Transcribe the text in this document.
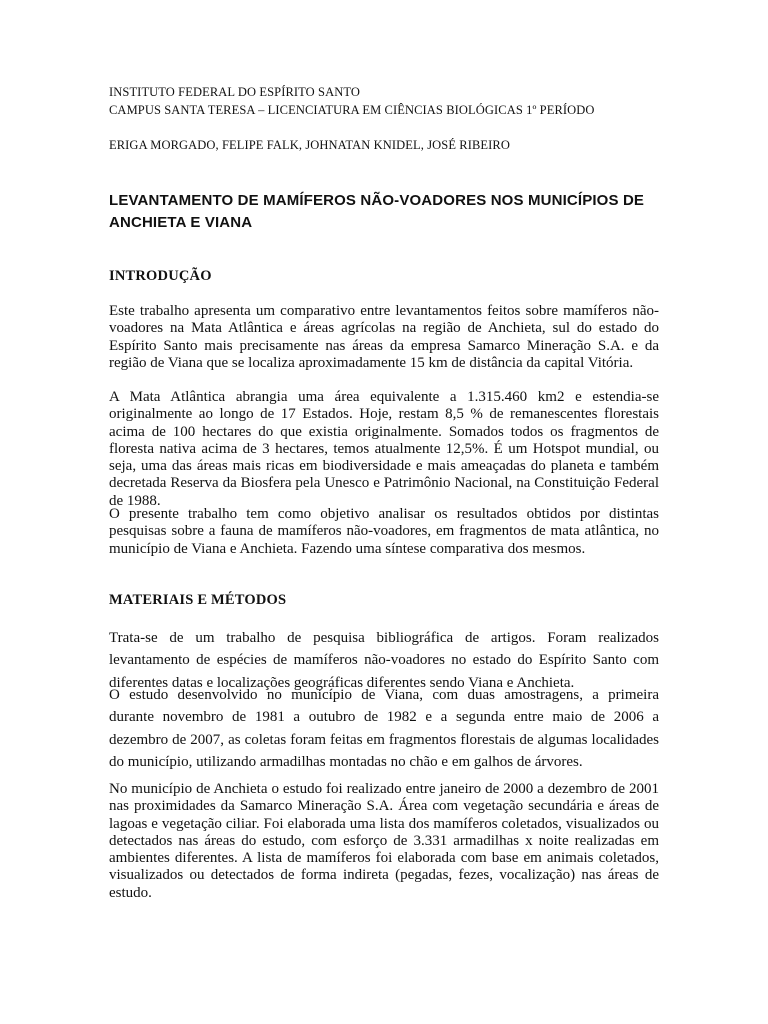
INSTITUTO FEDERAL DO ESPÍRITO SANTO
CAMPUS SANTA TERESA – LICENCIATURA EM CIÊNCIAS BIOLÓGICAS 1º PERÍODO
ERIGA MORGADO, FELIPE FALK, JOHNATAN KNIDEL, JOSÉ RIBEIRO
LEVANTAMENTO DE MAMÍFEROS NÃO-VOADORES NOS MUNICÍPIOS DE
ANCHIETA E VIANA
INTRODUÇÃO
Este trabalho apresenta um comparativo entre levantamentos feitos sobre mamíferos não-voadores na Mata Atlântica e áreas agrícolas na região de Anchieta, sul do estado do Espírito Santo mais precisamente nas áreas da empresa Samarco Mineração S.A. e da região de Viana que se localiza aproximadamente 15 km de distância da capital Vitória.
A Mata Atlântica abrangia uma área equivalente a 1.315.460 km2 e estendia-se originalmente ao longo de 17 Estados. Hoje, restam 8,5 % de remanescentes florestais acima de 100 hectares do que existia originalmente. Somados todos os fragmentos de floresta nativa acima de 3 hectares, temos atualmente 12,5%. É um Hotspot mundial, ou seja, uma das áreas mais ricas em biodiversidade e mais ameaçadas do planeta e também decretada Reserva da Biosfera pela Unesco e Patrimônio Nacional, na Constituição Federal de 1988.
O presente trabalho tem como objetivo analisar os resultados obtidos por distintas pesquisas sobre a fauna de mamíferos não-voadores, em fragmentos de mata atlântica, no município de Viana e Anchieta. Fazendo uma síntese comparativa dos mesmos.
MATERIAIS E MÉTODOS
Trata-se de um trabalho de pesquisa bibliográfica de artigos. Foram realizados levantamento de espécies de mamíferos não-voadores no estado do Espírito Santo com diferentes datas e localizações geográficas diferentes sendo Viana e Anchieta.
O estudo desenvolvido no município de Viana, com duas amostragens, a primeira
durante novembro de 1981 a outubro de 1982 e a segunda entre maio de 2006 a
dezembro de 2007, as coletas foram feitas em fragmentos florestais de algumas localidades do município, utilizando armadilhas montadas no chão e em galhos de árvores.
No município de Anchieta o estudo foi realizado entre janeiro de 2000 a dezembro de 2001 nas proximidades da Samarco Mineração S.A. Área com vegetação secundária e áreas de lagoas e vegetação ciliar. Foi elaborada uma lista dos mamíferos coletados, visualizados ou detectados nas áreas do estudo, com esforço de 3.331 armadilhas x noite realizadas em ambientes diferentes. A lista de mamíferos foi elaborada com base em animais coletados, visualizados ou detectados de forma indireta (pegadas, fezes, vocalização) nas áreas de estudo.
